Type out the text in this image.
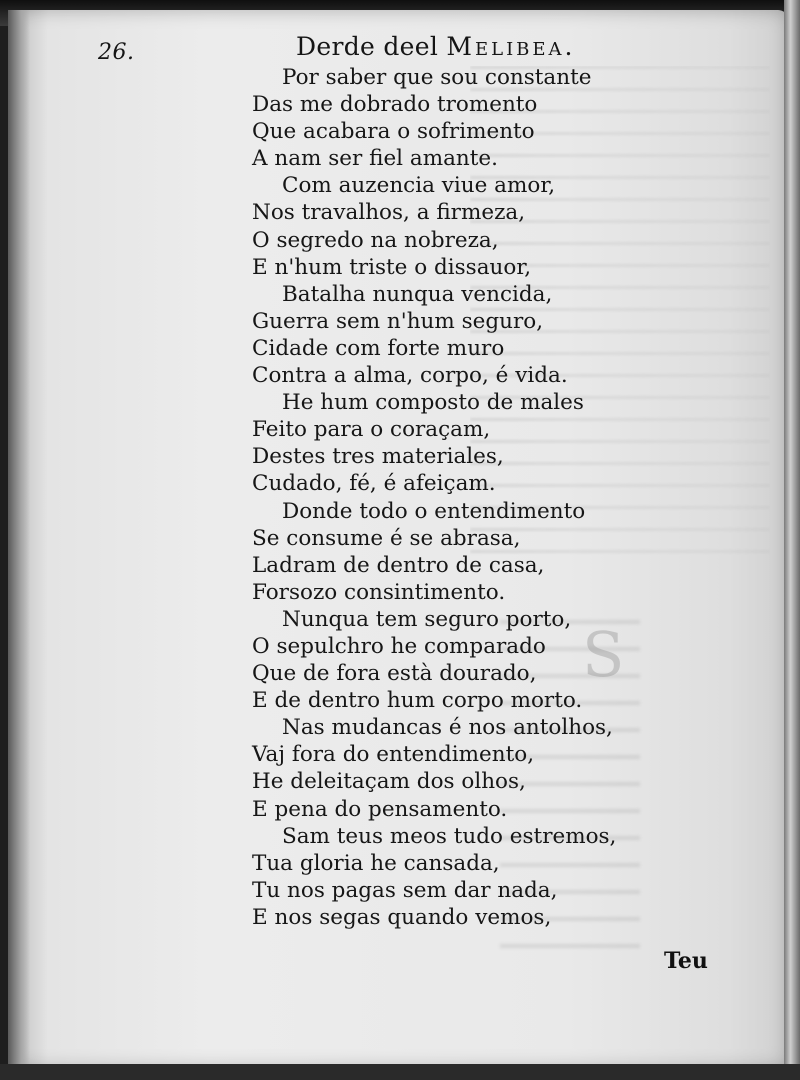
S
26.	Derde deel Melibea.
Por saber que sou constante
Das me dobrado tromento
Que acabara o sofrimento
A nam ser fiel amante.
Com auzencia viue amor,
Nos travalhos, a firmeza,
O segredo na nobreza,
E n'hum triste o dissauor,
Batalha nunqua vencida,
Guerra sem n'hum seguro,
Cidade com forte muro
Contra a alma, corpo, é vida.
He hum composto de males
Feito para o coraçam,
Destes tres materiales,
Cudado, fé, é afeiçam.
Donde todo o entendimento
Se consume é se abrasa,
Ladram de dentro de casa,
Forsozo consintimento.
Nunqua tem seguro porto,
O sepulchro he comparado
Que de fora està dourado,
E de dentro hum corpo morto.
Nas mudancas é nos antolhos,
Vaj fora do entendimento,
He deleitaçam dos olhos,
E pena do pensamento.
Sam teus meos tudo estremos,
Tua gloria he cansada,
Tu nos pagas sem dar nada,
E nos segas quando vemos,
Teu
